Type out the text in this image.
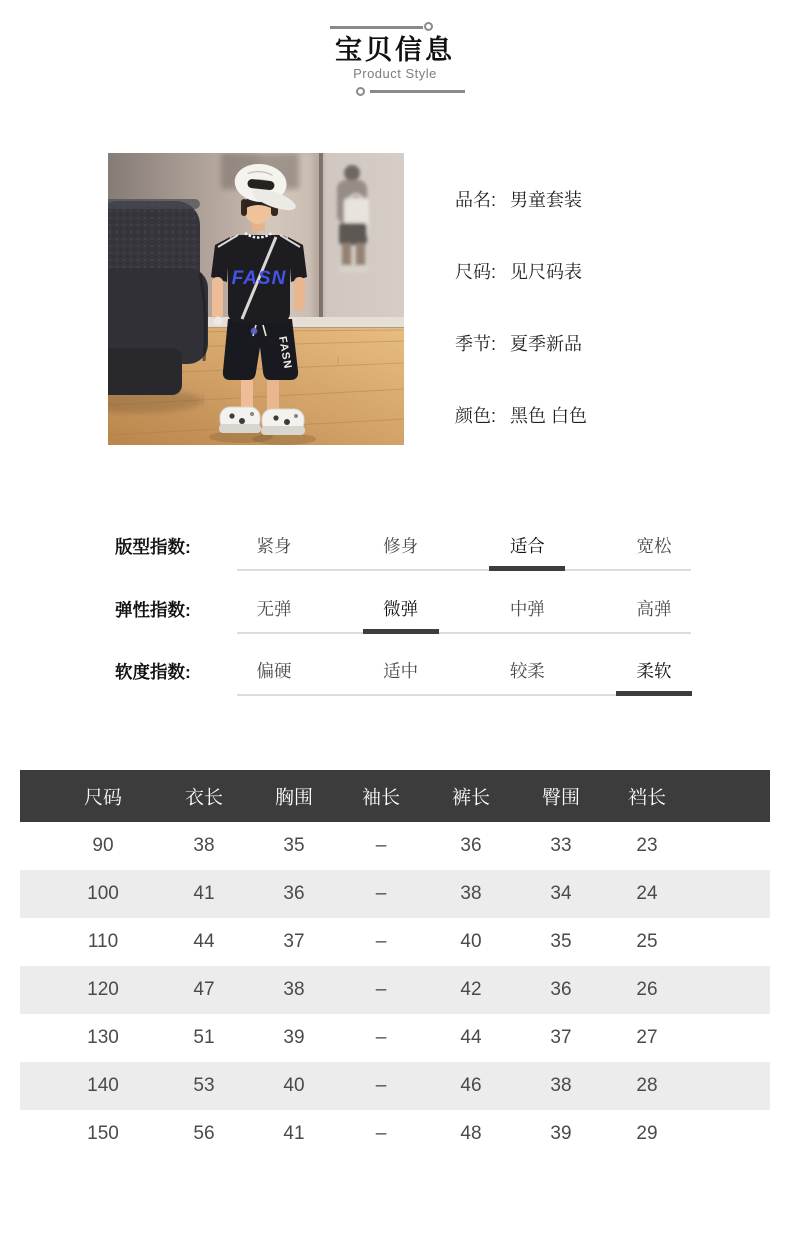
宝贝信息
Product Style
FASN
FASN
品名: 男童套装
尺码: 见尺码表
季节: 夏季新品
颜色: 黑色 白色
版型指数:	紧身	修身	适合	宽松
弹性指数:	无弹	微弹	中弹	高弹
软度指数:	偏硬	适中	较柔	柔软
尺码	衣长	胸围	袖长	裤长	臀围	裆长
90	38	35	–	36	33	23
100	41	36	–	38	34	24
110	44	37	–	40	35	25
120	47	38	–	42	36	26
130	51	39	–	44	37	27
140	53	40	–	46	38	28
150	56	41	–	48	39	29
